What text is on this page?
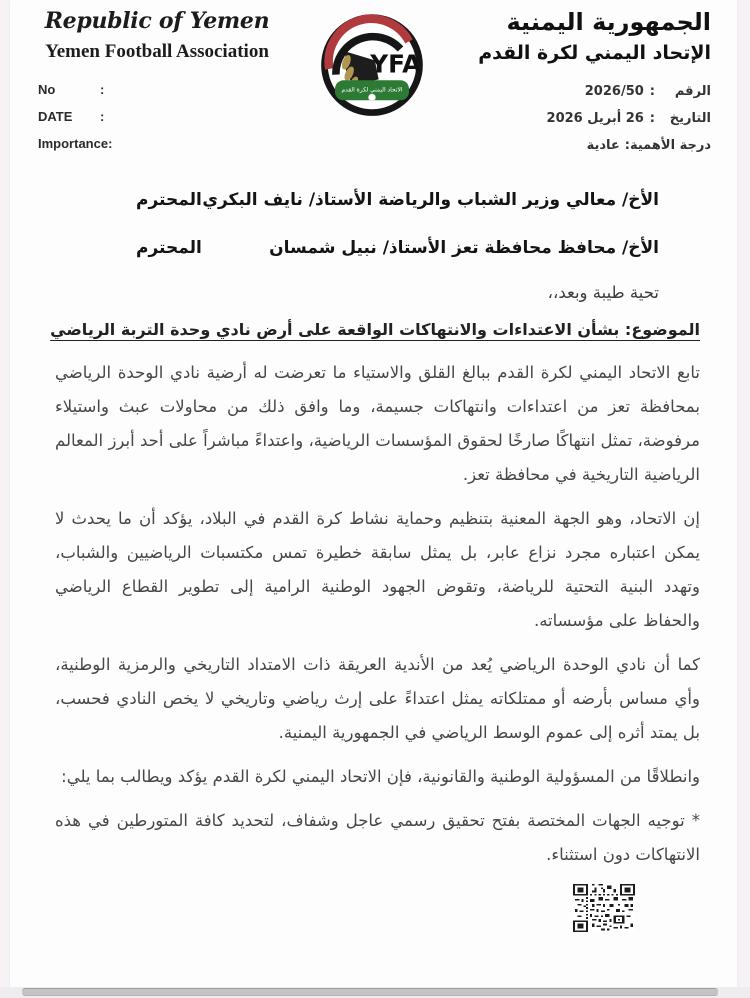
Republic of Yemen
Yemen Football Association
No	:
DATE	:
Importance:
YFA
الاتحاد اليمني لكرة القدم
الجمهورية اليمنية
الإتحاد اليمني لكرة القدم
الرقم
:
2026/50
التاريخ
:
26 أبريل 2026
درجة الأهمية:
عادية
الأخ/ معالي وزير الشباب والرياضة الأستاذ/ نايف البكري
المحترم
الأخ/ محافظ محافظة تعز الأستاذ/ نبيل شمسان
المحترم
تحية طيبة وبعد،،
الموضوع: بشأن الاعتداءات والانتهاكات الواقعة على أرض نادي وحدة التربة الرياضي

تابع الاتحاد اليمني لكرة القدم ببالغ القلق والاستياء ما تعرضت له أرضية نادي الوحدة الرياضي بمحافظة تعز من اعتداءات وانتهاكات جسيمة، وما وافق ذلك من محاولات عبث واستيلاء مرفوضة، تمثل انتهاكًا صارخًا لحقوق المؤسسات الرياضية، واعتداءً مباشراً على أحد أبرز المعالم الرياضية التاريخية في محافظة تعز.

إن الاتحاد، وهو الجهة المعنية بتنظيم وحماية نشاط كرة القدم في البلاد، يؤكد أن ما يحدث لا يمكن اعتباره مجرد نزاع عابر، بل يمثل سابقة خطيرة تمس مكتسبات الرياضيين والشباب، وتهدد البنية التحتية للرياضة، وتقوض الجهود الوطنية الرامية إلى تطوير القطاع الرياضي والحفاظ على مؤسساته.

كما أن نادي الوحدة الرياضي يُعد من الأندية العريقة ذات الامتداد التاريخي والرمزية الوطنية، وأي مساس بأرضه أو ممتلكاته يمثل اعتداءً على إرث رياضي وتاريخي لا يخص النادي فحسب، بل يمتد أثره إلى عموم الوسط الرياضي في الجمهورية اليمنية.

وانطلاقًا من المسؤولية الوطنية والقانونية، فإن الاتحاد اليمني لكرة القدم يؤكد ويطالب بما يلي:

* توجيه الجهات المختصة بفتح تحقيق رسمي عاجل وشفاف، لتحديد كافة المتورطين في هذه الانتهاكات دون استثناء.
